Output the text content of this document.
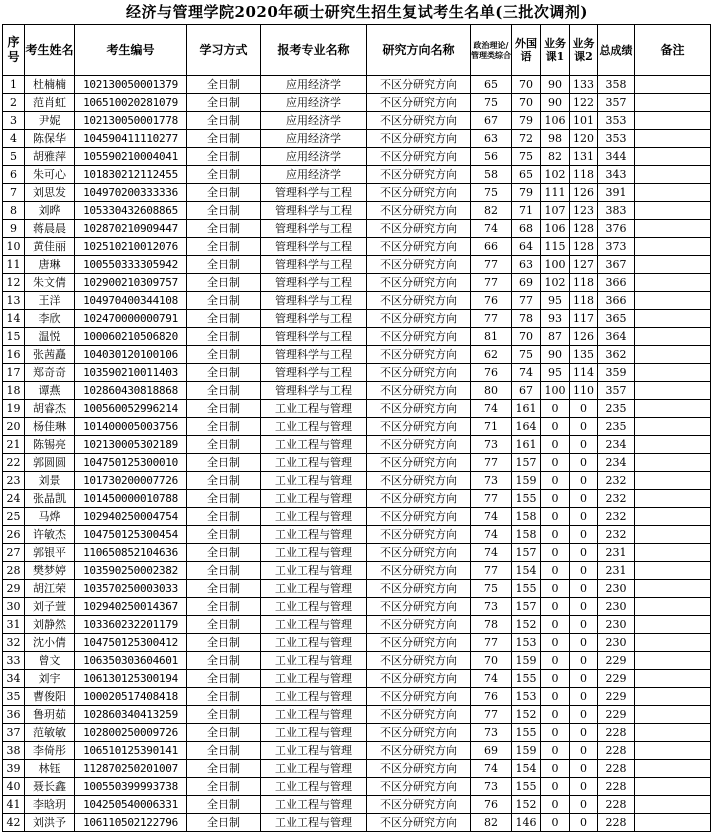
经济与管理学院2020年硕士研究生招生复试考生名单(三批次调剂)
序号	考生姓名	考生编号	学习方式	报考专业名称	研究方向名称	政治理论/管理类综合	外国语	业务课1	业务课2	总成绩	备注
1	杜楠楠	102130050001379	全日制	应用经济学	不区分研究方向	65	70	90	133	358	
2	范肖虹	106510020281079	全日制	应用经济学	不区分研究方向	75	70	90	122	357	
3	尹妮	102130050001778	全日制	应用经济学	不区分研究方向	67	79	106	101	353	
4	陈保华	104590411110277	全日制	应用经济学	不区分研究方向	63	72	98	120	353	
5	胡雅萍	105590210004041	全日制	应用经济学	不区分研究方向	56	75	82	131	344	
6	朱可心	101830212112455	全日制	应用经济学	不区分研究方向	58	65	102	118	343	
7	刘思发	104970200333336	全日制	管理科学与工程	不区分研究方向	75	79	111	126	391	
8	刘晔	105330432608865	全日制	管理科学与工程	不区分研究方向	82	71	107	123	383	
9	蒋晨晨	102870210909447	全日制	管理科学与工程	不区分研究方向	74	68	106	128	376	
10	黄佳丽	102510210012076	全日制	管理科学与工程	不区分研究方向	66	64	115	128	373	
11	唐琳	100550333305942	全日制	管理科学与工程	不区分研究方向	77	63	100	127	367	
12	朱文倩	102900210309757	全日制	管理科学与工程	不区分研究方向	77	69	102	118	366	
13	王洋	104970400344108	全日制	管理科学与工程	不区分研究方向	76	77	95	118	366	
14	李欣	102470000000791	全日制	管理科学与工程	不区分研究方向	77	78	93	117	365	
15	温悦	100060210506820	全日制	管理科学与工程	不区分研究方向	81	70	87	126	364	
16	张茜矗	104030120100106	全日制	管理科学与工程	不区分研究方向	62	75	90	135	362	
17	郑奇奇	103590210011403	全日制	管理科学与工程	不区分研究方向	76	74	95	114	359	
18	谭燕	102860430818868	全日制	管理科学与工程	不区分研究方向	80	67	100	110	357	
19	胡睿杰	100560052996214	全日制	工业工程与管理	不区分研究方向	74	161	0	0	235	
20	杨佳琳	101400005003756	全日制	工业工程与管理	不区分研究方向	71	164	0	0	235	
21	陈锡亮	102130005302189	全日制	工业工程与管理	不区分研究方向	73	161	0	0	234	
22	郭圆圆	104750125300010	全日制	工业工程与管理	不区分研究方向	77	157	0	0	234	
23	刘景	101730200007726	全日制	工业工程与管理	不区分研究方向	73	159	0	0	232	
24	张晶凯	101450000010788	全日制	工业工程与管理	不区分研究方向	77	155	0	0	232	
25	马烨	102940250004754	全日制	工业工程与管理	不区分研究方向	74	158	0	0	232	
26	许敏杰	104750125300454	全日制	工业工程与管理	不区分研究方向	74	158	0	0	232	
27	郭银平	110650852104636	全日制	工业工程与管理	不区分研究方向	74	157	0	0	231	
28	樊梦婷	103590250002382	全日制	工业工程与管理	不区分研究方向	77	154	0	0	231	
29	胡江荣	103570250003033	全日制	工业工程与管理	不区分研究方向	75	155	0	0	230	
30	刘子萱	102940250014367	全日制	工业工程与管理	不区分研究方向	73	157	0	0	230	
31	刘静然	103360232201179	全日制	工业工程与管理	不区分研究方向	78	152	0	0	230	
32	沈小倩	104750125300412	全日制	工业工程与管理	不区分研究方向	77	153	0	0	230	
33	曾文	106350303604601	全日制	工业工程与管理	不区分研究方向	70	159	0	0	229	
34	刘宇	106130125300194	全日制	工业工程与管理	不区分研究方向	74	155	0	0	229	
35	曹俊阳	100020517408418	全日制	工业工程与管理	不区分研究方向	76	153	0	0	229	
36	鲁玥茹	102860340413259	全日制	工业工程与管理	不区分研究方向	77	152	0	0	229	
37	范敏敏	102800250009726	全日制	工业工程与管理	不区分研究方向	73	155	0	0	228	
38	李倚彤	106510125390141	全日制	工业工程与管理	不区分研究方向	69	159	0	0	228	
39	林钰	112870250201007	全日制	工业工程与管理	不区分研究方向	74	154	0	0	228	
40	聂长鑫	100550399993738	全日制	工业工程与管理	不区分研究方向	73	155	0	0	228	
41	李晗玥	104250540006331	全日制	工业工程与管理	不区分研究方向	76	152	0	0	228	
42	刘洪予	106110502122796	全日制	工业工程与管理	不区分研究方向	82	146	0	0	228	
